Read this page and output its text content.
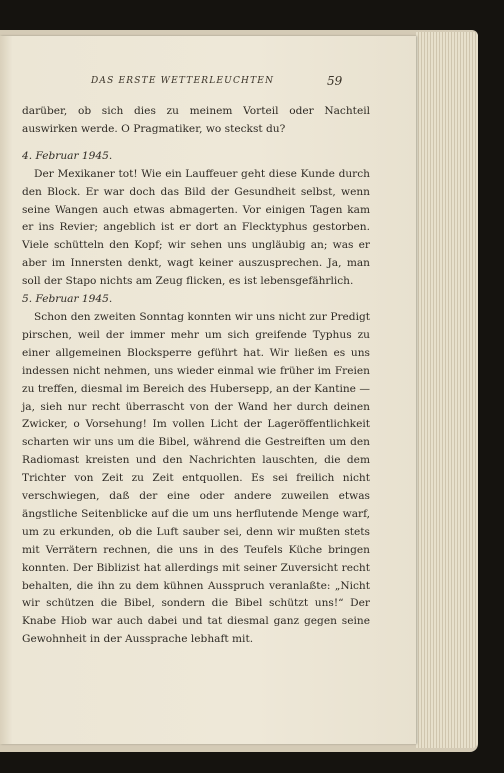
DAS ERSTE WETTERLEUCHTEN	59

darüber, ob sich dies zu meinem Vorteil oder Nachteil auswirken werde. O Pragmatiker, wo steckst du?

4. Februar 1945.

Der Mexikaner tot! Wie ein Lauffeuer geht diese Kunde durch den Block. Er war doch das Bild der Gesundheit selbst, wenn seine Wangen auch etwas abmagerten. Vor einigen Tagen kam er ins Revier; angeblich ist er dort an Flecktyphus gestorben. Viele schütteln den Kopf; wir sehen uns ungläubig an; was er aber im Innersten denkt, wagt keiner auszusprechen. Ja, man soll der Stapo nichts am Zeug flicken, es ist lebensgefährlich.

5. Februar 1945.

Schon den zweiten Sonntag konnten wir uns nicht zur Predigt pirschen, weil der immer mehr um sich greifende Typhus zu einer allgemeinen Blocksperre geführt hat. Wir ließen es uns indessen nicht nehmen, uns wieder einmal wie früher im Freien zu treffen, diesmal im Bereich des Hubersepp, an der Kantine — ja, sieh nur recht überrascht von der Wand her durch deinen Zwicker, o Vorsehung! Im vollen Licht der Lageröffentlichkeit scharten wir uns um die Bibel, während die Gestreiften um den Radiomast kreisten und den Nachrichten lauschten, die dem Trichter von Zeit zu Zeit entquollen. Es sei freilich nicht verschwiegen, daß der eine oder andere zuweilen etwas ängstliche Seitenblicke auf die um uns herflutende Menge warf, um zu erkunden, ob die Luft sauber sei, denn wir mußten stets mit Verrätern rechnen, die uns in des Teufels Küche bringen konnten. Der Biblizist hat allerdings mit seiner Zuversicht recht behalten, die ihn zu dem kühnen Ausspruch veranlaßte: „Nicht wir schützen die Bibel, sondern die Bibel schützt uns!“ Der Knabe Hiob war auch dabei und tat diesmal ganz gegen seine Gewohnheit in der Aussprache lebhaft mit.
